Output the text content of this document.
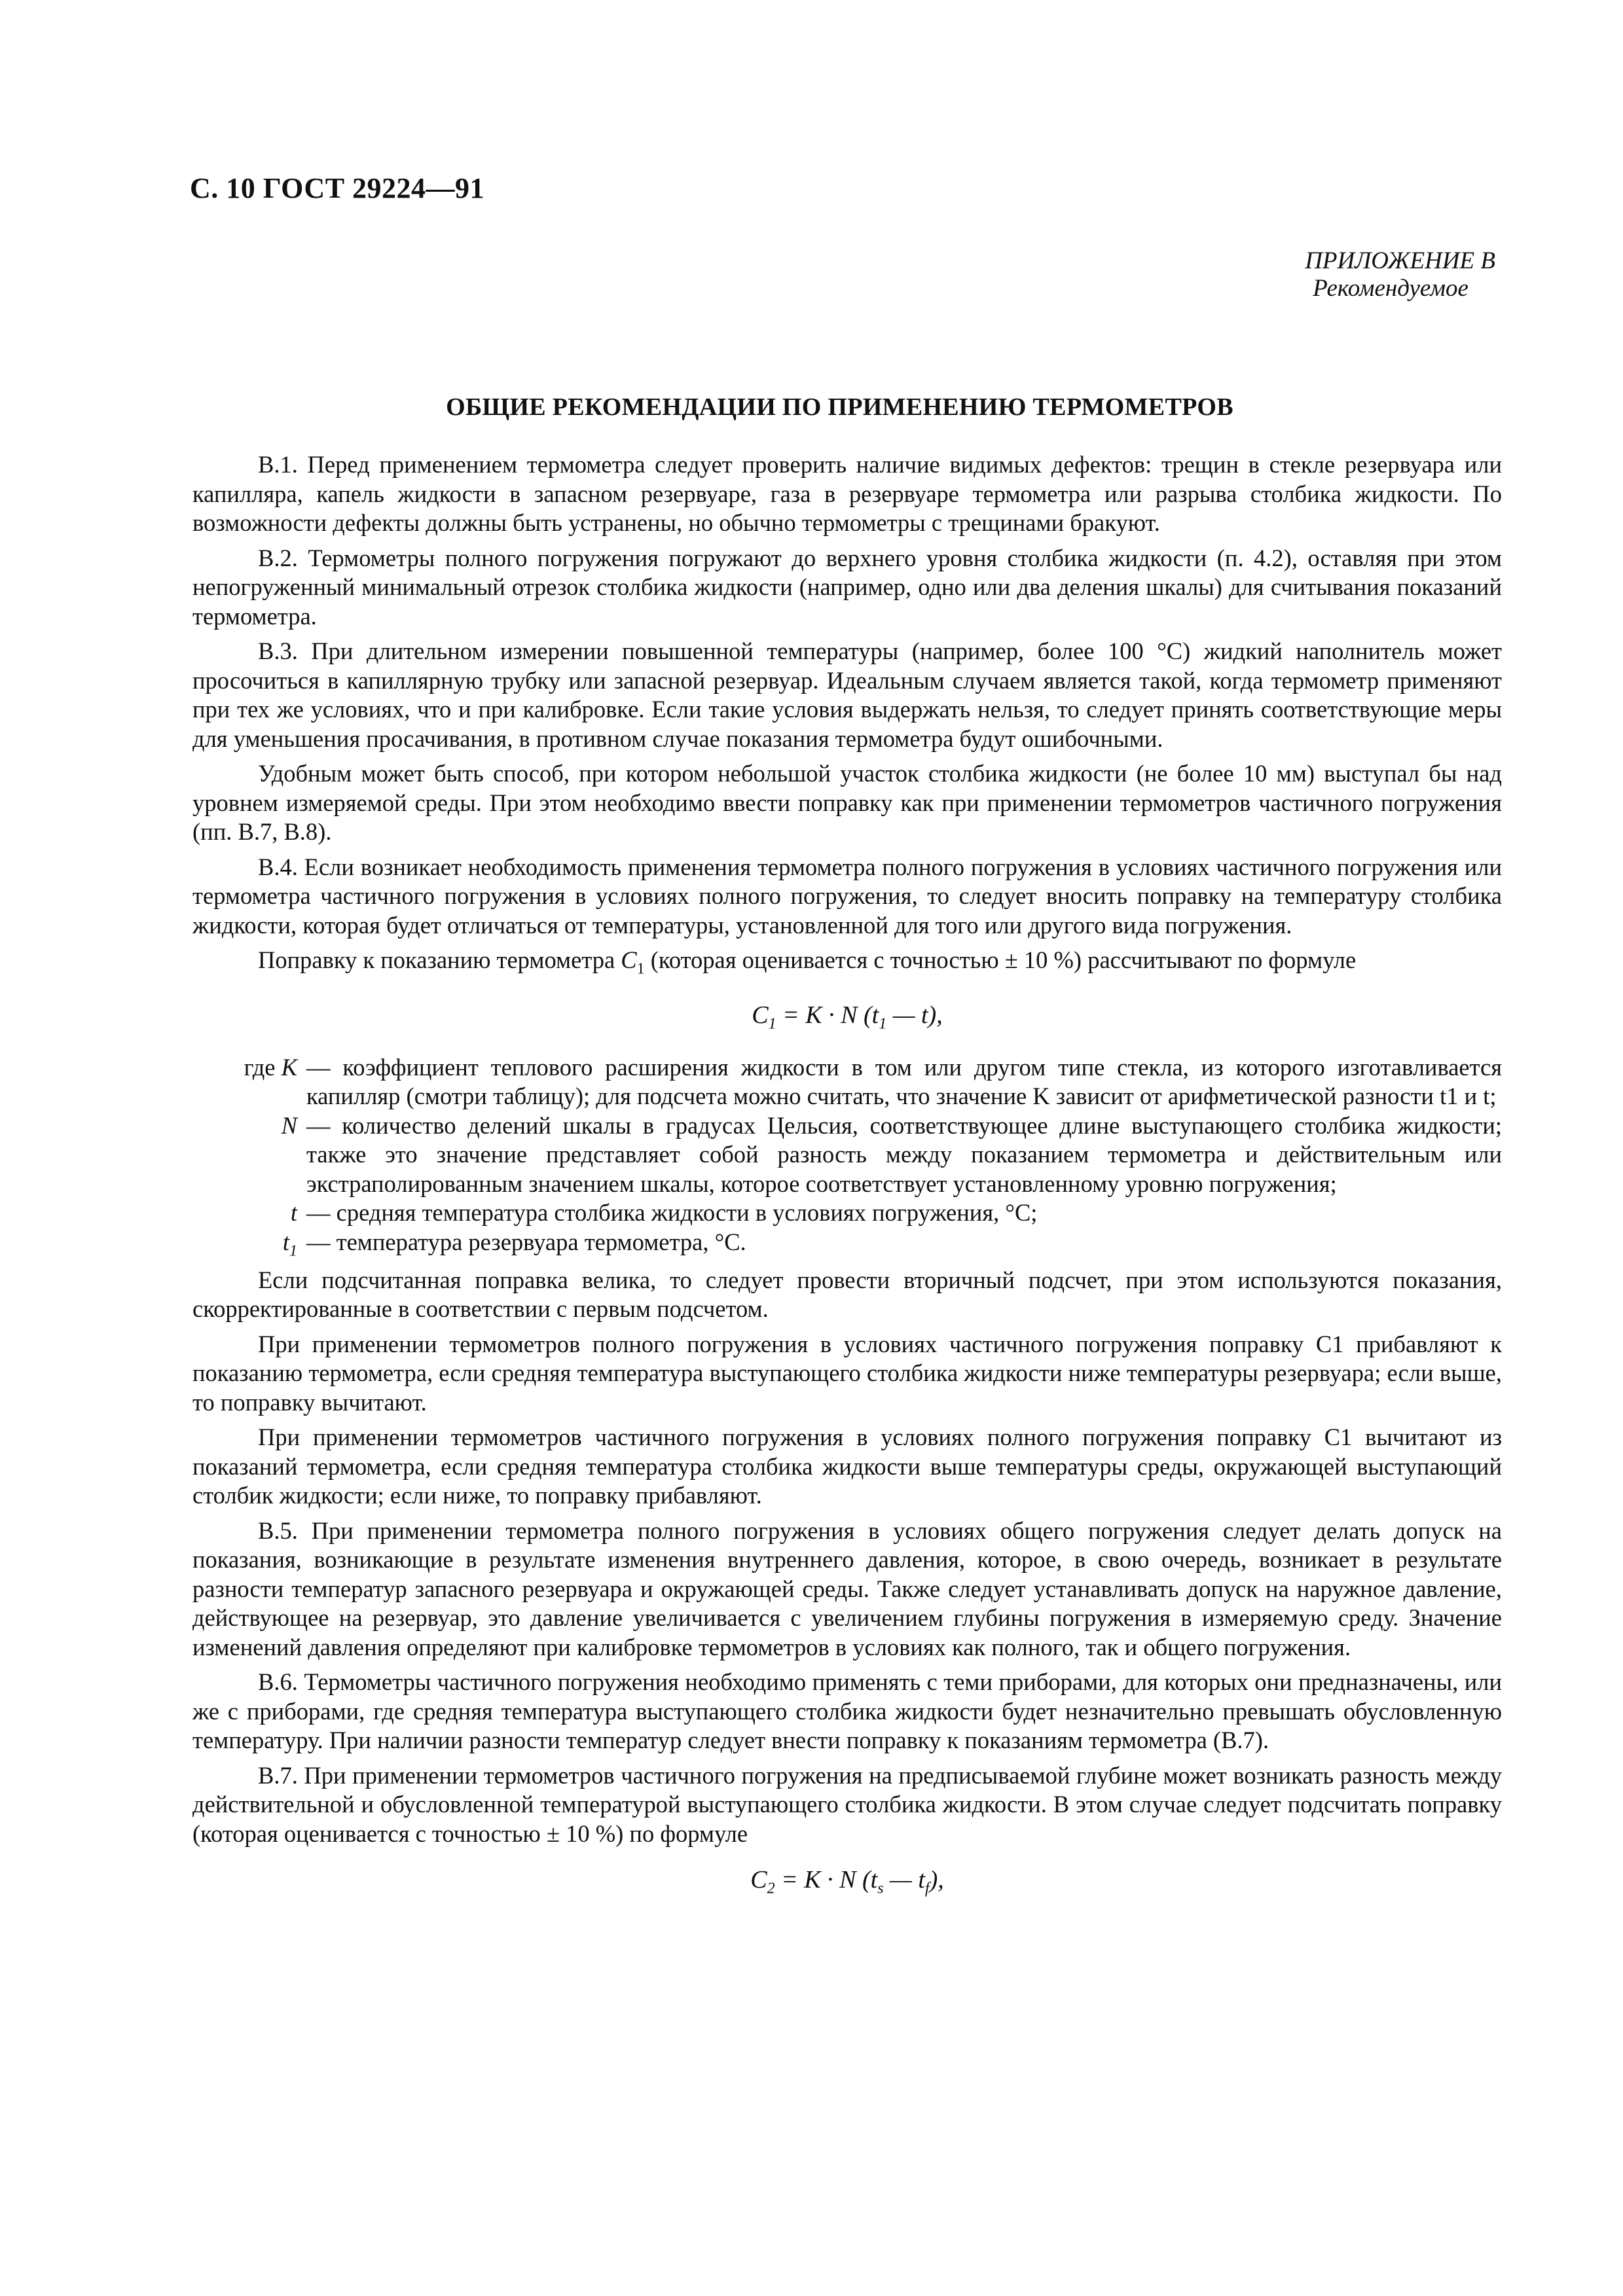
С. 10 ГОСТ 29224—91
ПРИЛОЖЕНИЕ В
Рекомендуемое
ОБЩИЕ РЕКОМЕНДАЦИИ ПО ПРИМЕНЕНИЮ ТЕРМОМЕТРОВ

В.1. Перед применением термометра следует проверить наличие видимых дефектов: трещин в стекле резервуара или капилляра, капель жидкости в запасном резервуаре, газа в резервуаре термометра или разрыва столбика жидкости. По возможности дефекты должны быть устранены, но обычно термометры с трещинами бракуют.

В.2. Термометры полного погружения погружают до верхнего уровня столбика жидкости (п. 4.2), оставляя при этом непогруженный минимальный отрезок столбика жидкости (например, одно или два деления шкалы) для считывания показаний термометра.

В.3. При длительном измерении повышенной температуры (например, более 100 °С) жидкий наполнитель может просочиться в капиллярную трубку или запасной резервуар. Идеальным случаем является такой, когда термометр применяют при тех же условиях, что и при калибровке. Если такие условия выдержать нельзя, то следует принять соответствующие меры для уменьшения просачивания, в противном случае показания термометра будут ошибочными.

Удобным может быть способ, при котором небольшой участок столбика жидкости (не более 10 мм) выступал бы над уровнем измеряемой среды. При этом необходимо ввести поправку как при применении термометров частичного погружения (пп. В.7, В.8).

В.4. Если возникает необходимость применения термометра полного погружения в условиях частичного погружения или термометра частичного погружения в условиях полного погружения, то следует вносить поправку на температуру столбика жидкости, которая будет отличаться от температуры, установленной для того или другого вида погружения.

Поправку к показанию термометра $C_1$ (которая оценивается с точностью ± 10 %) рассчитывают по формуле

$C_1 = K \cdot N$ ($t_1$ — t),
где K — коэффициент теплового расширения жидкости в том или другом типе стекла, из которого изготавливается капилляр (смотри таблицу); для подсчета можно считать, что значение K зависит от арифметической разности t1 и t;
N — количество делений шкалы в градусах Цельсия, соответствующее длине выступающего столбика жидкости; также это значение представляет собой разность между показанием термометра и действительным или экстраполированным значением шкалы, которое соответствует установленному уровню погружения;
t — средняя температура столбика жидкости в условиях погружения, °С;
$t_1$ — температура резервуара термометра, °С.

Если подсчитанная поправка велика, то следует провести вторичный подсчет, при этом используются показания, скорректированные в соответствии с первым подсчетом.

При применении термометров полного погружения в условиях частичного погружения поправку C1 прибавляют к показанию термометра, если средняя температура выступающего столбика жидкости ниже температуры резервуара; если выше, то поправку вычитают.

При применении термометров частичного погружения в условиях полного погружения поправку C1 вычитают из показаний термометра, если средняя температура столбика жидкости выше температуры среды, окружающей выступающий столбик жидкости; если ниже, то поправку прибавляют.

В.5. При применении термометра полного погружения в условиях общего погружения следует делать допуск на показания, возникающие в результате изменения внутреннего давления, которое, в свою очередь, возникает в результате разности температур запасного резервуара и окружающей среды. Также следует устанавливать допуск на наружное давление, действующее на резервуар, это давление увеличивается с увеличением глубины погружения в измеряемую среду. Значение изменений давления определяют при калибровке термометров в условиях как полного, так и общего погружения.

В.6. Термометры частичного погружения необходимо применять с теми приборами, для которых они предназначены, или же с приборами, где средняя температура выступающего столбика жидкости будет незначительно превышать обусловленную температуру. При наличии разности температур следует внести поправку к показаниям термометра (В.7).

В.7. При применении термометров частичного погружения на предписываемой глубине может возникать разность между действительной и обусловленной температурой выступающего столбика жидкости. В этом случае следует подсчитать поправку (которая оценивается с точностью ± 10 %) по формуле

$C_2 = K \cdot N$ ($t_s$ — $t_f$),
